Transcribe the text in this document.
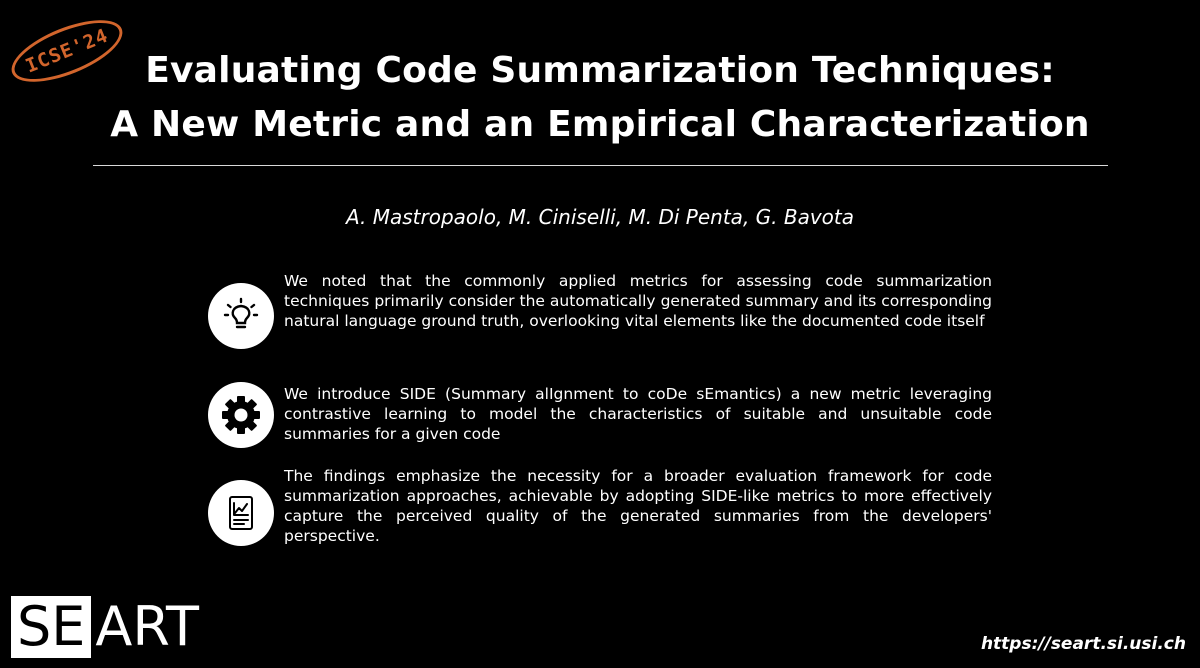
ICSE'24 Evaluating Code Summarization Techniques:
A New Metric and an Empirical Characterization
A. Mastropaolo, M. Ciniselli, M. Di Penta, G. Bavota
We noted that the commonly applied metrics for assessing code summarization techniques primarily consider the automatically generated summary and its corresponding natural language ground truth, overlooking vital elements like the documented code itself
We introduce SIDE (Summary alIgnment to coDe sEmantics) a new metric leveraging contrastive learning to model the characteristics of suitable and unsuitable code summaries for a given code
The findings emphasize the necessity for a broader evaluation framework for code summarization approaches, achievable by adopting SIDE-like metrics to more effectively capture the perceived quality of the generated summaries from the developers' perspective.
SE ART	https://seart.si.usi.ch
